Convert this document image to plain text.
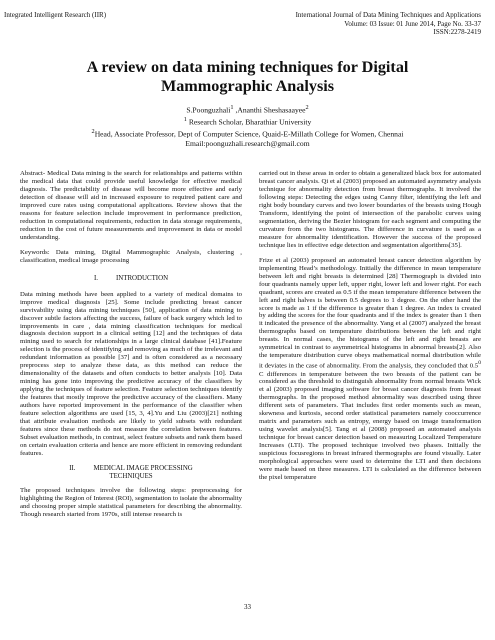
Integrated Intelligent Research (IIR)	International Journal of Data Mining Techniques and Applications
Volume: 03 Issue: 01 June 2014, Page No. 33-37
ISSN:2278-2419
A review on data mining techniques for Digital
Mammographic Analysis
S.Poonguzhali$^1$ ,Ananthi Sheshasaayee$^2$
$^1$ Research Scholar, Bharathiar University
$^2$Head, Associate Professor, Dept of Computer Science, Quaid-E-Millath College for Women, Chennai
Email:poonguzhali.research@gmail.com

Abstract- Medical Data mining is the search for relationships and patterns within the medical data that could provide useful knowledge for effective medical diagnosis. The predictability of disease will become more effective and early detection of disease will aid in increased exposure to required patient care and improved cure rates using computational applications. Review shows that the reasons for feature selection include improvement in performance prediction, reduction in computational requirements, reduction in data storage requirements, reduction in the cost of future measurements and improvement in data or model understanding.

Keywords: Data mining, Digital Mammographic Analysis, clustering , classification, medical image processing

I.	INTRODUCTION

Data mining methods have been applied to a variety of medical domains to improve medical diagnosis [25]. Some include predicting breast cancer survivability using data mining techniques [50], application of data mining to discover subtle factors affecting the success, failure of back surgery which led to improvements in care , data mining classification techniques for medical diagnosis decision support in a clinical setting [12] and the techniques of data mining used to search for relationships in a large clinical database [41].Feature selection is the process of identifying and removing as much of the irrelevant and redundant information as possible [37] and is often considered as a necessary preprocess step to analyze these data, as this method can reduce the dimensionality of the datasets and often conducts to better analysis [10]. Data mining has gone into improving the predictive accuracy of the classifiers by applying the techniques of feature selection. Feature selection techniques identify the features that mostly improve the predictive accuracy of the classifiers. Many authors have reported improvement in the performance of the classifier when feature selection algorithms are used [15, 3, 4].Yu and Liu (2003)[21] nothing that attribute evaluation methods are likely to yield subsets with redundant features since these methods do not measure the correlation between features. Subset evaluation methods, in contrast, select feature subsets and rank them based on certain evaluation criteria and hence are more efficient in removing redundant features.

II.	MEDICAL IMAGE PROCESSING
TECHNIQUES

The proposed techniques involve the following steps: preprocessing for highlighting the Region of Interest (ROI), segmentation to isolate the abnormality and choosing proper simple statistical parameters for describing the abnormality. Though research started from 1970s, still intense research is

carried out in these areas in order to obtain a generalized black box for automated breast cancer analysis. Qi et al (2003) proposed an automated asymmetry analysis technique for abnormality detection from breast thermographs. It involved the following steps: Detecting the edges using Canny filter, identifying the left and right body boundary curves and two lower boundaries of the breasts using Hough Transform, identifying the point of intersection of the parabolic curves using segmentation, deriving the Bezier histogram for each segment and computing the curvature from the two histograms. The difference in curvature is used as a measure for abnormality identification. However the success of the proposed technique lies in effective edge detection and segmentation algorithms[35].

Frize et al (2003) proposed an automated breast cancer detection algorithm by implementing Head’s methodology. Initially the difference in mean temperature between left and right breasts is determined [28] Thermograph is divided into four quadrants namely upper left, upper right, lower left and lower right. For each quadrant, scores are created as 0.5 if the mean temperature difference between the left and right halves is between 0.5 degrees to 1 degree. On the other hand the score is made as 1 if the difference is greater than 1 degree. An index is created by adding the scores for the four quadrants and if the index is greater than 1 then it indicated the presence of the abnormality. Yang et al (2007) analyzed the breast thermographs based on temperature distributions between the left and right breasts. In normal cases, the histograms of the left and right breasts are symmetrical in contrast to asymmetrical histograms in abnormal breasts[2]. Also the temperature distribution curve obeys mathematical normal distribution while it deviates in the case of abnormality. From the analysis, they concluded that $0.5^0$ C differences in temperature between the two breasts of the patient can be considered as the threshold to distinguish abnormality from normal breasts Wick et al (2003) proposed imaging software for breast cancer diagnosis from breast thermographs. In the proposed method abnormality was described using three different sets of parameters. That includes first order moments such as mean, skewness and kurtosis, second order statistical parameters namely cooccurrence matrix and parameters such as entropy, energy based on image transformation using wavelet analysis[5]. Tang et al (2008) proposed an automated analysis technique for breast cancer detection based on measuring Localized Temperature Increases (LTI). The proposed technique involved two phases. Initially the suspicious focusregions in breast infrared thermographs are found visually. Later morphological approaches were used to determine the LTI and then decisions were made based on three measures. LTI is calculated as the difference between the pixel temperature

33
